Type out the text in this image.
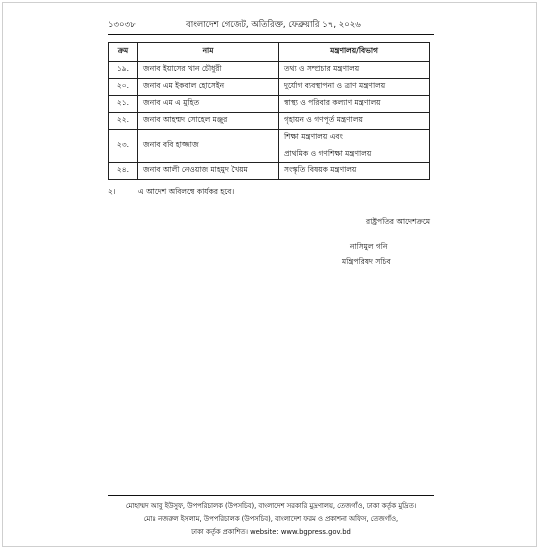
১৩০৩৮	বাংলাদেশ গেজেট, অতিরিক্ত, ফেব্রুয়ারি ১৭, ২০২৬
ক্রম	নাম	মন্ত্রণালয়/বিভাগ
১৯.	জনাব ইয়াসের খান চৌধুরী	তথ্য ও সম্প্রচার মন্ত্রণালয়
২০.	জনাব এম ইকবাল হোসেইন	দুর্যোগ ব্যবস্থাপনা ও ত্রাণ মন্ত্রণালয়
২১.	জনাব এম এ মুহিত	স্বাস্থ্য ও পরিবার কল্যাণ মন্ত্রণালয়
২২.	জনাব আহম্মদ সোহেল মঞ্জুর	গৃহায়ন ও গণপূর্ত মন্ত্রণালয়
২৩.	জনাব ববি হাজ্জাজ	শিক্ষা মন্ত্রণালয় এবং
প্রাথমিক ও গণশিক্ষা মন্ত্রণালয়

২৪.	জনাব আলী নেওয়াজ মাহমুদ খৈয়ম	সংস্কৃতি বিষয়ক মন্ত্রণালয়
২।	এ আদেশ অবিলম্বে কার্যকর হবে।
রাষ্ট্রপতির আদেশক্রমে
নাসিমুল গনি
মন্ত্রিপরিষদ সচিব
মোহাম্মদ আবু ইউসুফ, উপপরিচালক (উপসচিব), বাংলাদেশ সরকারি মুদ্রণালয়, তেজগাঁও, ঢাকা কর্তৃক মুদ্রিত।
মোঃ নজরুল ইসলাম, উপপরিচালক (উপসচিব), বাংলাদেশ ফরম ও প্রকাশনা অফিস, তেজগাঁও,
ঢাকা কর্তৃক প্রকাশিত। website: www.bgpress.gov.bd
